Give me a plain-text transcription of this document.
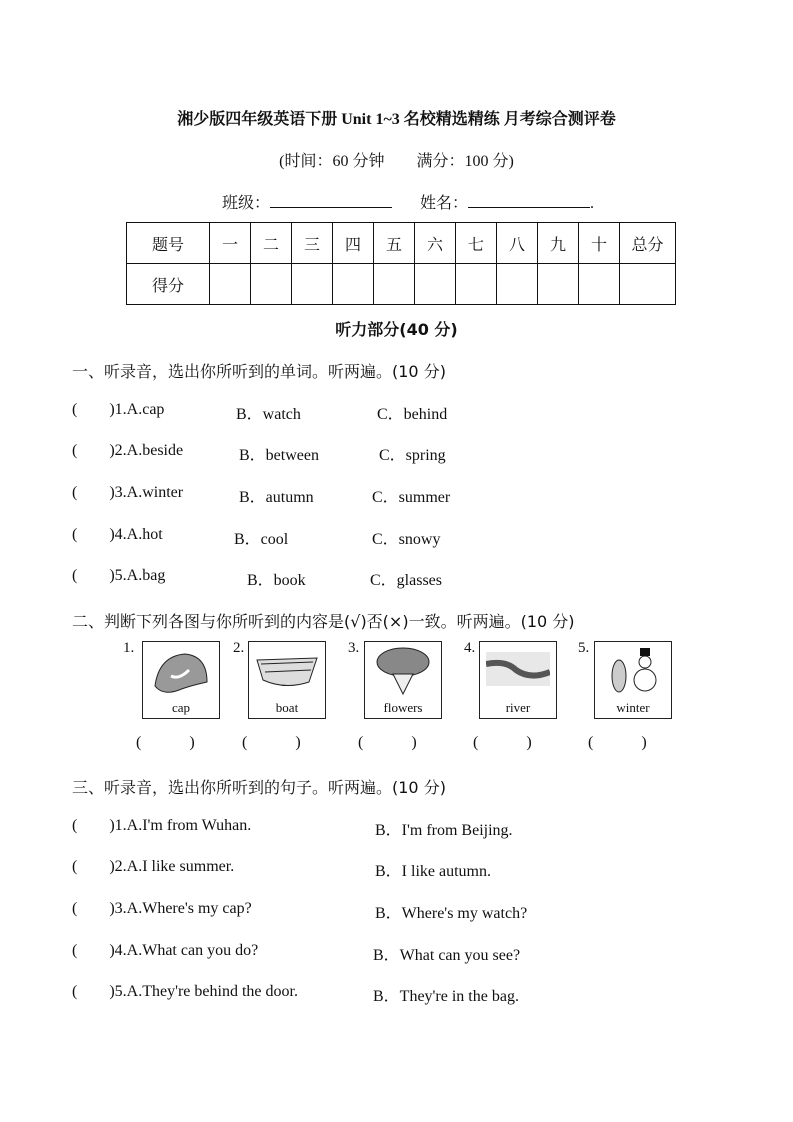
湘少版四年级英语下册 Unit 1~3 名校精选精练 月考综合测评卷
(时间：60 分钟　　满分：100 分)
班级：	姓名：	.
题号	一	二	三	四	五	六	七	八	九	十	总分
得分											
听力部分(40 分)
一、听录音，选出你所听到的单词。听两遍。(10 分)
二、判断下列各图与你所听到的内容是(√)否(×)一致。听两遍。(10 分)
三、听录音，选出你所听到的句子。听两遍。(10 分)
(        )1.A.cap	B．watch	C．behind
(        )2.A.beside	B．between	C．spring
(        )3.A.winter	B．autumn	C．summer
(        )4.A.hot	B．cool	C．snowy
(        )5.A.bag	B．book	C．glasses
1.
cap
(            )
2.
boat
(            )
3.
flowers
(            )
4.
river
(            )
5.
winter
(            )
(        )1.A.I'm from Wuhan.	B．I'm from Beijing.
(        )2.A.I like summer.	B．I like autumn.
(        )3.A.Where's my cap?	B．Where's my watch?
(        )4.A.What can you do?	B．What can you see?
(        )5.A.They're behind the door.	B．They're in the bag.
